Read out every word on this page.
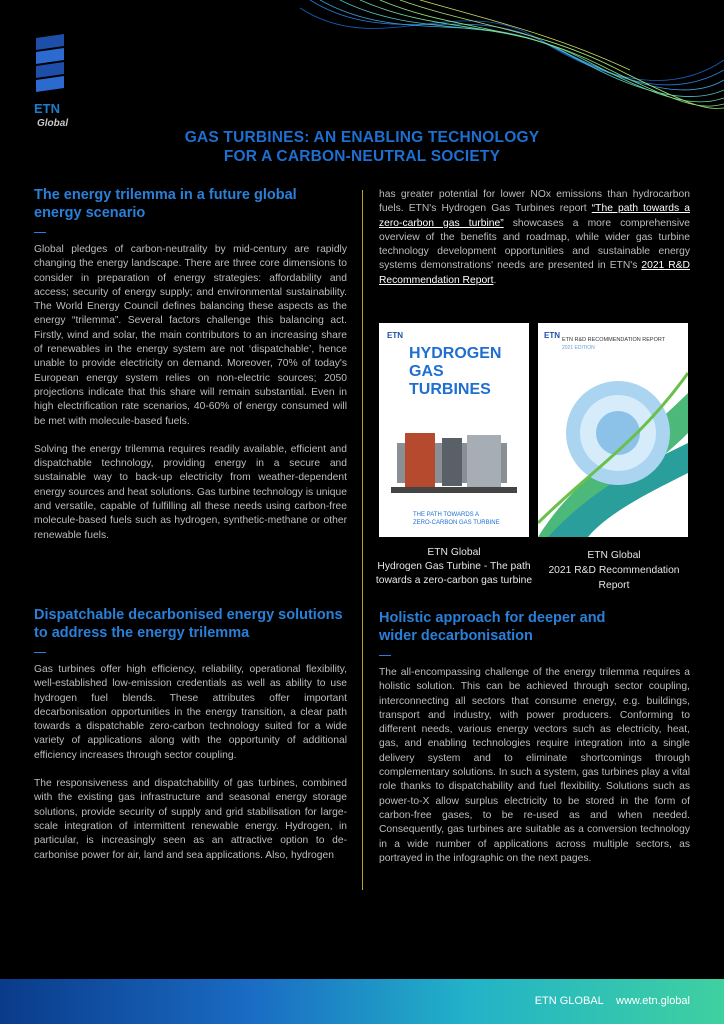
ETN
Global
GAS TURBINES: AN ENABLING TECHNOLOGY
FOR A CARBON-NEUTRAL SOCIETY
The energy trilemma in a future global
energy scenario

Global pledges of carbon-neutrality by mid-century are rapidly changing the energy landscape. There are three core dimensions to consider in preparation of energy strategies: affordability and access; security of energy supply; and environmental sustainability. The World Energy Council defines balancing these aspects as the energy “trilemma”. Several factors challenge this balancing act. Firstly, wind and solar, the main contributors to an increasing share of renewables in the energy system are not ‘dispatchable’, hence unable to provide electricity on demand. Moreover, 70% of today's European energy system relies on non-electric sources; 2050 projections indicate that this share will remain substantial. Even in high electrification rate scenarios, 40-60% of energy consumed will be met with molecule-based fuels.

Solving the energy trilemma requires readily available, efficient and dispatchable technology, providing energy in a secure and sustainable way to back-up electricity from weather-dependent energy sources and heat solutions. Gas turbine technology is unique and versatile, capable of fulfilling all these needs using carbon-free molecule-based fuels such as hydrogen, synthetic-methane or other renewable fuels.

Dispatchable decarbonised energy solutions
to address the energy trilemma

Gas turbines offer high efficiency, reliability, operational flexibility, well-established low-emission credentials as well as ability to use hydrogen fuel blends. These attributes offer important decarbonisation opportunities in the energy transition, a clear path towards a dispatchable zero-carbon technology suited for a wide variety of applications along with the opportunity of additional efficiency increases through sector coupling.

The responsiveness and dispatchability of gas turbines, combined with the existing gas infrastructure and seasonal energy storage solutions, provide security of supply and grid stabilisation for large-scale integration of intermittent renewable energy. Hydrogen, in particular, is increasingly seen as an attractive option to de-carbonise power for air, land and sea applications. Also, hydrogen

has greater potential for lower NOx emissions than hydrocarbon fuels. ETN's Hydrogen Gas Turbines report “The path towards a zero-carbon gas turbine” showcases a more comprehensive overview of the benefits and roadmap, while wider gas turbine technology development opportunities and sustainable energy systems demonstrations' needs are presented in ETN's 2021 R&D Recommendation Report.

ETN
HYDROGEN
GAS TURBINES
THE PATH TOWARDS A
ZERO-CARBON GAS TURBINE
ETN ETN R&D RECOMMENDATION REPORT
2021 EDITION
ETN Global
Hydrogen Gas Turbine - The path
towards a zero-carbon gas turbine
ETN Global
2021 R&D Recommendation
Report
Holistic approach for deeper and
wider decarbonisation

The all-encompassing challenge of the energy trilemma requires a holistic solution. This can be achieved through sector coupling, interconnecting all sectors that consume energy, e.g. buildings, transport and industry, with power producers. Conforming to different needs, various energy vectors such as electricity, heat, gas, and enabling technologies require integration into a single delivery system and to eliminate shortcomings through complementary solutions. In such a system, gas turbines play a vital role thanks to dispatchability and fuel flexibility. Solutions such as power-to-X allow surplus electricity to be stored in the form of carbon-free gases, to be re-used as and when needed. Consequently, gas turbines are suitable as a conversion technology in a wide number of applications across multiple sectors, as portrayed in the infographic on the next pages.

ETN GLOBAL www.etn.global
